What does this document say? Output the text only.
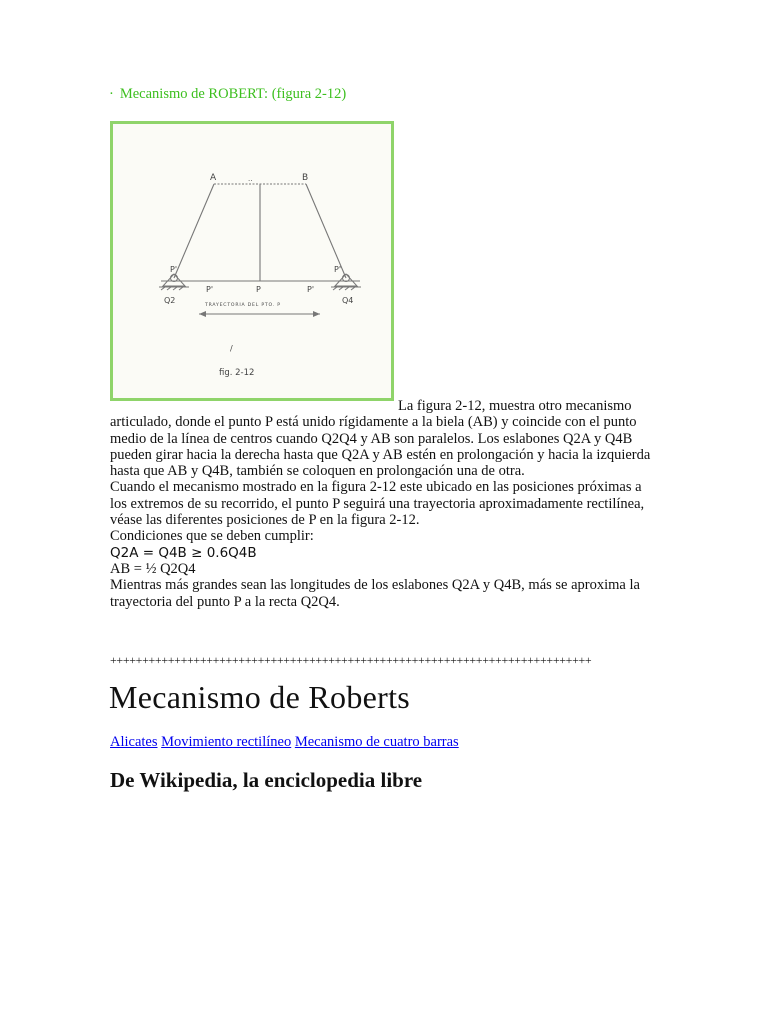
· Mecanismo de ROBERT: (figura 2-12)
A	B
..
P'	P'
P'	P	P'
Q2	Q4
TRAYECTORIA DEL PTO. P
/
fig. 2-12

La figura 2-12, muestra otro mecanismo articulado, donde el punto P está unido rígidamente a la biela (AB) y coincide con el punto medio de la línea de centros cuando Q2Q4 y AB son paralelos. Los eslabones Q2A y Q4B pueden girar hacia la derecha hasta que Q2A y AB estén en prolongación y hacia la izquierda hasta que AB y Q4B, también se coloquen en prolongación una de otra.

Cuando el mecanismo mostrado en la figura 2-12 este ubicado en las posiciones próximas a los extremos de su recorrido, el punto P seguirá una trayectoria aproximadamente rectilínea, véase las diferentes posiciones de P en la figura 2-12.

Condiciones que se deben cumplir:

Q2A = Q4B ≥ 0.6Q4B

AB = ½ Q2Q4

Mientras más grandes sean las longitudes de los eslabones Q2A y Q4B, más se aproxima la trayectoria del punto P a la recta Q2Q4.

+++++++++++++++++++++++++++++++++++++++++++++++++++++++++++++++++++++++++++
Mecanismo de Roberts
Alicates Movimiento rectilíneo Mecanismo de cuatro barras
De Wikipedia, la enciclopedia libre
